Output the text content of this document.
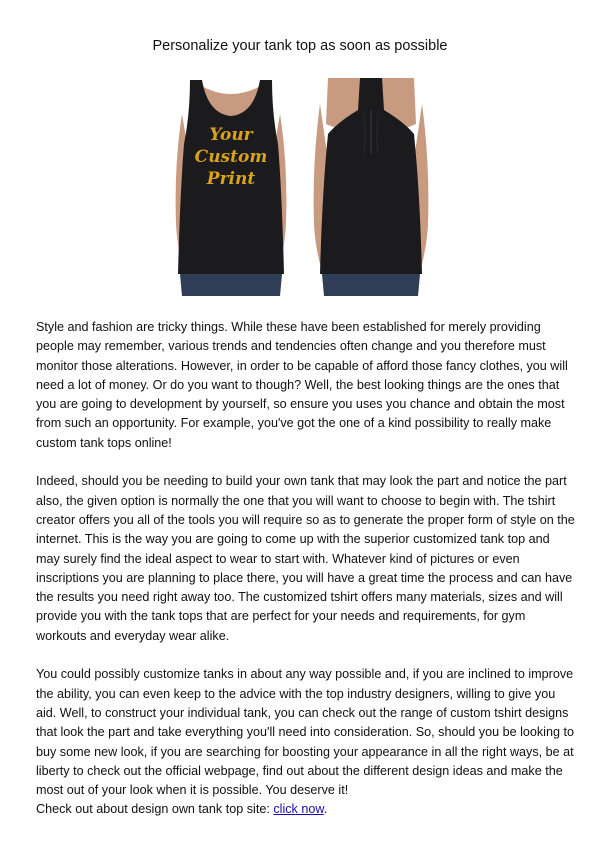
Personalize your tank top as soon as possible
Your
Custom
Print

Style and fashion are tricky things. While these have been established for merely providing people may remember, various trends and tendencies often change and you therefore must monitor those alterations. However, in order to be capable of afford those fancy clothes, you will need a lot of money. Or do you want to though? Well, the best looking things are the ones that you are going to development by yourself, so ensure you uses you chance and obtain the most from such an opportunity. For example, you've got the one of a kind possibility to really make custom tank tops online!

Indeed, should you be needing to build your own tank that may look the part and notice the part also, the given option is normally the one that you will want to choose to begin with. The tshirt creator offers you all of the tools you will require so as to generate the proper form of style on the internet. This is the way you are going to come up with the superior customized tank top and may surely find the ideal aspect to wear to start with. Whatever kind of pictures or even inscriptions you are planning to place there, you will have a great time the process and can have the results you need right away too. The customized tshirt offers many materials, sizes and will provide you with the tank tops that are perfect for your needs and requirements, for gym workouts and everyday wear alike.

You could possibly customize tanks in about any way possible and, if you are inclined to improve the ability, you can even keep to the advice with the top industry designers, willing to give you aid. Well, to construct your individual tank, you can check out the range of custom tshirt designs that look the part and take everything you'll need into consideration. So, should you be looking to buy some new look, if you are searching for boosting your appearance in all the right ways, be at liberty to check out the official webpage, find out about the different design ideas and make the most out of your look when it is possible. You deserve it!

Check out about design own tank top site: click now.
